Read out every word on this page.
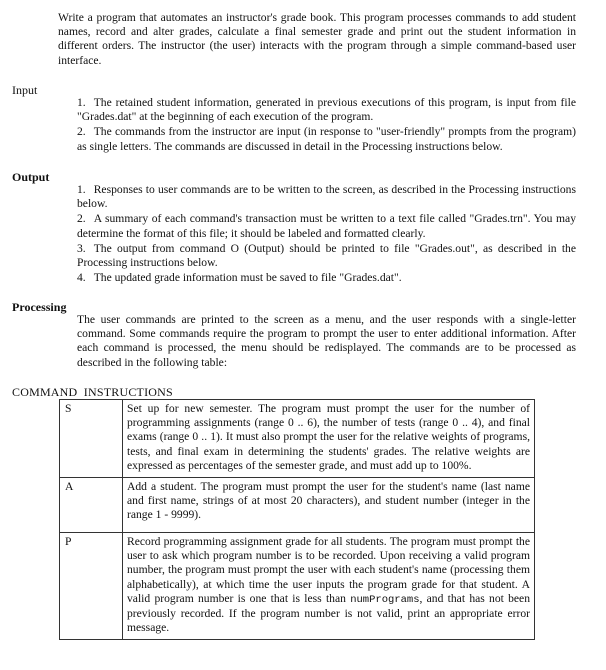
Write a program that automates an instructor's grade book. This program processes commands to add student names, record and alter grades, calculate a final semester grade and print out the student information in different orders. The instructor (the user) interacts with the program through a simple command-based user interface.
Input

1. The retained student information, generated in previous executions of this program, is input from file "Grades.dat" at the beginning of each execution of the program.

2. The commands from the instructor are input (in response to "user-friendly" prompts from the program) as single letters. The commands are discussed in detail in the Processing instructions below.

Output

1. Responses to user commands are to be written to the screen, as described in the Processing instructions below.

2. A summary of each command's transaction must be written to a text file called "Grades.trn". You may determine the format of this file; it should be labeled and formatted clearly.

3. The output from command O (Output) should be printed to file "Grades.out", as described in the Processing instructions below.

4. The updated grade information must be saved to file "Grades.dat".

Processing
The user commands are printed to the screen as a menu, and the user responds with a single-letter command. Some commands require the program to prompt the user to enter additional information. After each command is processed, the menu should be redisplayed. The commands are to be processed as described in the following table:
COMMAND  INSTRUCTIONS
S	Set up for new semester. The program must prompt the user for the number of programming assignments (range 0 .. 6), the number of tests (range 0 .. 4), and final exams (range 0 .. 1). It must also prompt the user for the relative weights of programs, tests, and final exam in determining the students' grades. The relative weights are expressed as percentages of the semester grade, and must add up to 100%.
A	Add a student. The program must prompt the user for the student's name (last name and first name, strings of at most 20 characters), and student number (integer in the range 1 - 9999).
P	Record programming assignment grade for all students. The program must prompt the user to ask which program number is to be recorded. Upon receiving a valid program number, the program must prompt the user with each student's name (processing them alphabetically), at which time the user inputs the program grade for that student. A valid program number is one that is less than numPrograms, and that has not been previously recorded. If the program number is not valid, print an appropriate error message.
